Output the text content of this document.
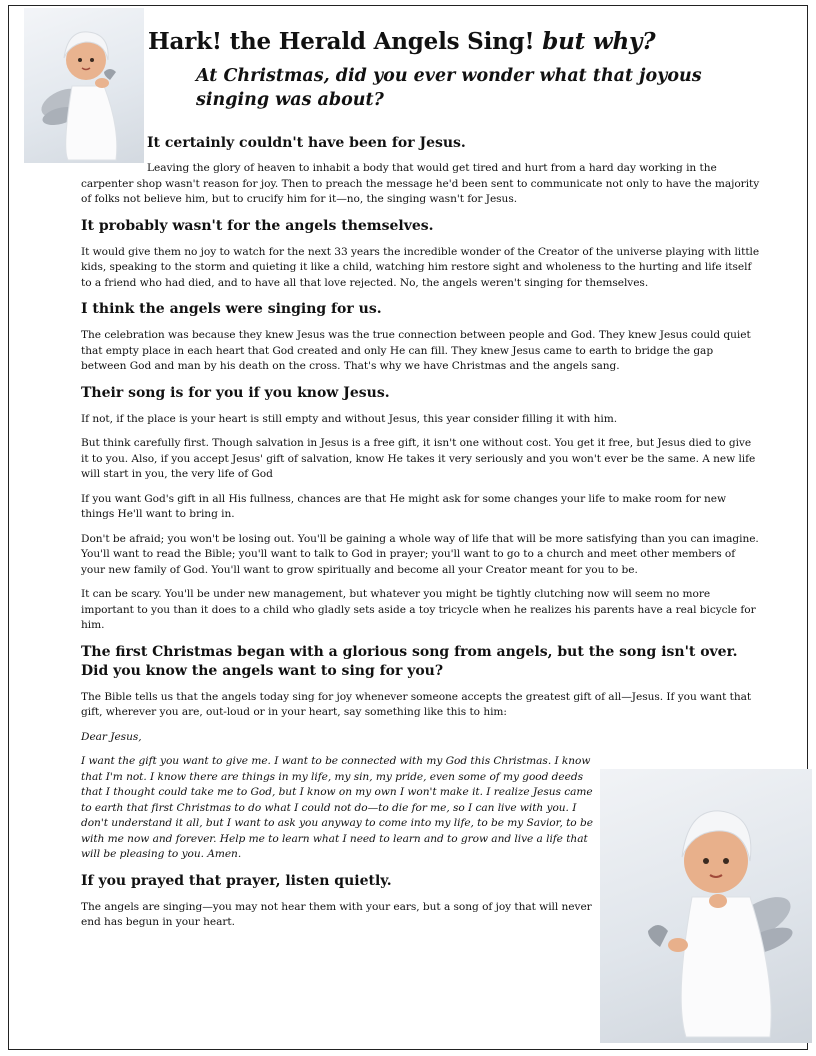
Hark! the Herald Angels Sing! but why?

At Christmas, did you ever wonder what that joyous singing was about?

It certainly couldn't have been for Jesus.

Leaving the glory of heaven to inhabit a body that would get tired and hurt from a hard day working in the carpenter shop wasn't reason for joy. Then to preach the message he'd been sent to communicate not only to have the majority of folks not believe him, but to crucify him for it—no, the singing wasn't for Jesus.

It probably wasn't for the angels themselves.

It would give them no joy to watch for the next 33 years the incredible wonder of the Creator of the universe playing with little kids, speaking to the storm and quieting it like a child, watching him restore sight and wholeness to the hurting and life itself to a friend who had died, and to have all that love rejected. No, the angels weren't singing for themselves.

I think the angels were singing for us.

The celebration was because they knew Jesus was the true connection between people and God. They knew Jesus could quiet that empty place in each heart that God created and only He can fill. They knew Jesus came to earth to bridge the gap between God and man by his death on the cross. That's why we have Christmas and the angels sang.

Their song is for you if you know Jesus.

If not, if the place is your heart is still empty and without Jesus, this year consider filling it with him.

But think carefully first. Though salvation in Jesus is a free gift, it isn't one without cost. You get it free, but Jesus died to give it to you. Also, if you accept Jesus' gift of salvation, know He takes it very seriously and you won't ever be the same. A new life will start in you, the very life of God

If you want God's gift in all His fullness, chances are that He might ask for some changes your life to make room for new things He'll want to bring in.

Don't be afraid; you won't be losing out. You'll be gaining a whole way of life that will be more satisfying than you can imagine. You'll want to read the Bible; you'll want to talk to God in prayer; you'll want to go to a church and meet other members of your new family of God. You'll want to grow spiritually and become all your Creator meant for you to be.

It can be scary. You'll be under new management, but whatever you might be tightly clutching now will seem no more important to you than it does to a child who gladly sets aside a toy tricycle when he realizes his parents have a real bicycle for him.

The first Christmas began with a glorious song from angels, but the song isn't over. Did you know the angels want to sing for you?

The Bible tells us that the angels today sing for joy whenever someone accepts the greatest gift of all—Jesus. If you want that gift, wherever you are, out-loud or in your heart, say something like this to him:

Dear Jesus,

I want the gift you want to give me. I want to be connected with my God this Christmas. I know that I'm not. I know there are things in my life, my sin, my pride, even some of my good deeds that I thought could take me to God, but I know on my own I won't make it. I realize Jesus came to earth that first Christmas to do what I could not do—to die for me, so I can live with you. I don't understand it all, but I want to ask you anyway to come into my life, to be my Savior, to be with me now and forever. Help me to learn what I need to learn and to grow and live a life that will be pleasing to you. Amen.

If you prayed that prayer, listen quietly.

The angels are singing—you may not hear them with your ears, but a song of joy that will never end has begun in your heart.
